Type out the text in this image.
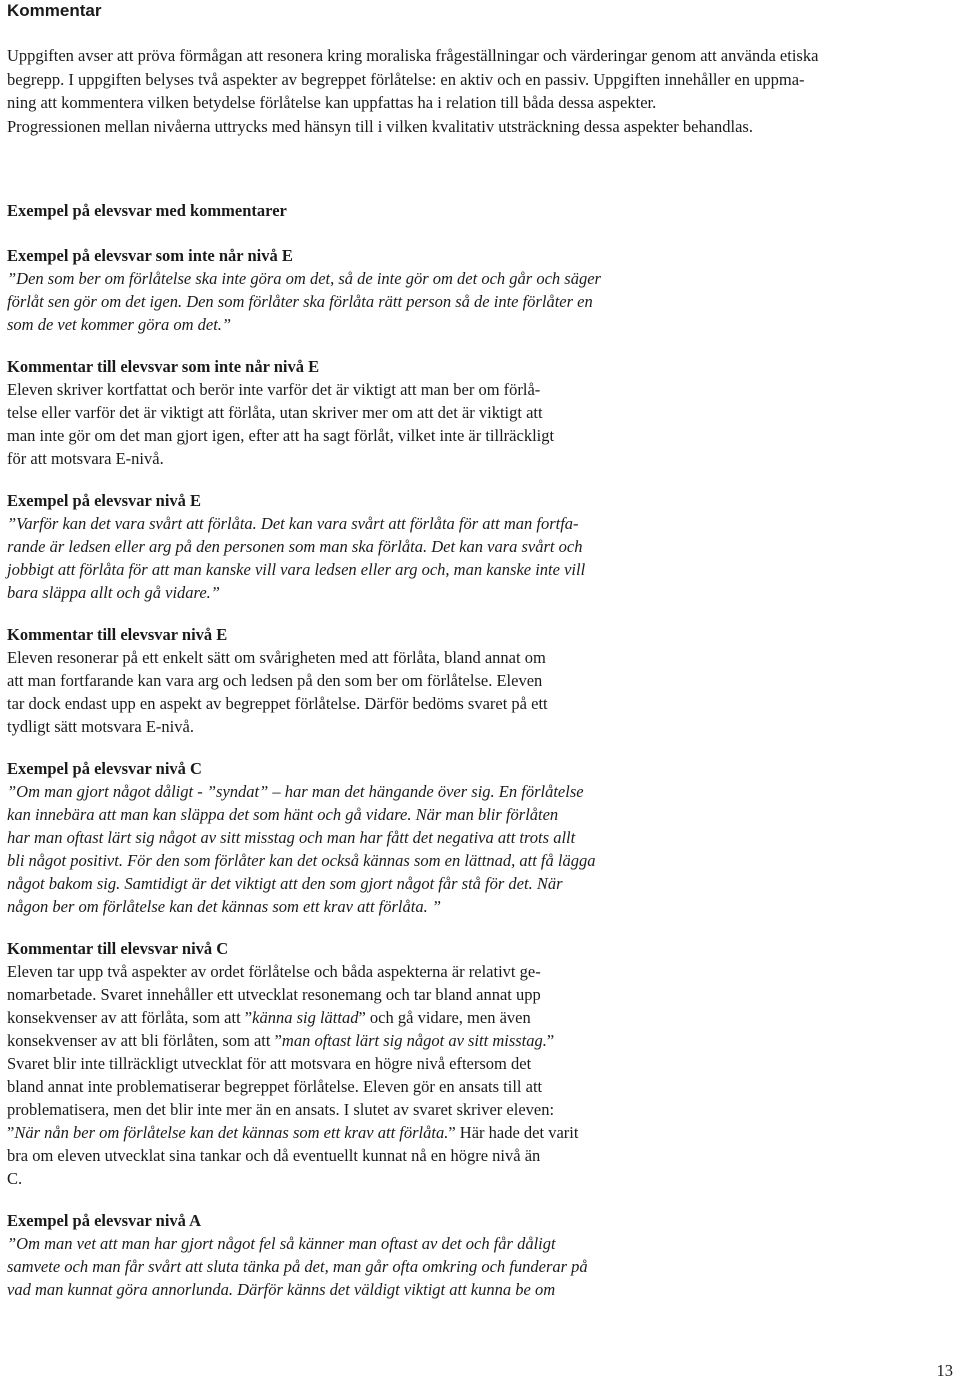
Kommentar
Uppgiften avser att pröva förmågan att resonera kring moraliska frågeställningar och värderingar genom att använda etiska
begrepp. I uppgiften belyses två aspekter av begreppet förlåtelse: en aktiv och en passiv. Uppgiften innehåller en uppma-
ning att kommentera vilken betydelse förlåtelse kan uppfattas ha i relation till båda dessa aspekter.
Progressionen mellan nivåerna uttrycks med hänsyn till i vilken kvalitativ utsträckning dessa aspekter behandlas.
Exempel på elevsvar med kommentarer
Exempel på elevsvar som inte når nivå E
”Den som ber om förlåtelse ska inte göra om det, så de inte gör om det och går och säger
förlåt sen gör om det igen. Den som förlåter ska förlåta rätt person så de inte förlåter en
som de vet kommer göra om det.”
Kommentar till elevsvar som inte når nivå E
Eleven skriver kortfattat och berör inte varför det är viktigt att man ber om förlå-
telse eller varför det är viktigt att förlåta, utan skriver mer om att det är viktigt att
man inte gör om det man gjort igen, efter att ha sagt förlåt, vilket inte är tillräckligt
för att motsvara E-nivå.
Exempel på elevsvar nivå E
”Varför kan det vara svårt att förlåta. Det kan vara svårt att förlåta för att man fortfa-
rande är ledsen eller arg på den personen som man ska förlåta. Det kan vara svårt och
jobbigt att förlåta för att man kanske vill vara ledsen eller arg och, man kanske inte vill
bara släppa allt och gå vidare.”
Kommentar till elevsvar nivå E
Eleven resonerar på ett enkelt sätt om svårigheten med att förlåta, bland annat om
att man fortfarande kan vara arg och ledsen på den som ber om förlåtelse. Eleven
tar dock endast upp en aspekt av begreppet förlåtelse. Därför bedöms svaret på ett
tydligt sätt motsvara E-nivå.
Exempel på elevsvar nivå C
”Om man gjort något dåligt - ”syndat” – har man det hängande över sig. En förlåtelse
kan innebära att man kan släppa det som hänt och gå vidare. När man blir förlåten
har man oftast lärt sig något av sitt misstag och man har fått det negativa att trots allt
bli något positivt. För den som förlåter kan det också kännas som en lättnad, att få lägga
något bakom sig. Samtidigt är det viktigt att den som gjort något får stå för det. När
någon ber om förlåtelse kan det kännas som ett krav att förlåta. ”
Kommentar till elevsvar nivå C
Eleven tar upp två aspekter av ordet förlåtelse och båda aspekterna är relativt ge-
nomarbetade. Svaret innehåller ett utvecklat resonemang och tar bland annat upp
konsekvenser av att förlåta, som att ”känna sig lättad” och gå vidare, men även
konsekvenser av att bli förlåten, som att ”man oftast lärt sig något av sitt misstag.”
Svaret blir inte tillräckligt utvecklat för att motsvara en högre nivå eftersom det
bland annat inte problematiserar begreppet förlåtelse. Eleven gör en ansats till att
problematisera, men det blir inte mer än en ansats. I slutet av svaret skriver eleven:
”När nån ber om förlåtelse kan det kännas som ett krav att förlåta.” Här hade det varit
bra om eleven utvecklat sina tankar och då eventuellt kunnat nå en högre nivå än
C.
Exempel på elevsvar nivå A
”Om man vet att man har gjort något fel så känner man oftast av det och får dåligt
samvete och man får svårt att sluta tänka på det, man går ofta omkring och funderar på
vad man kunnat göra annorlunda. Därför känns det väldigt viktigt att kunna be om
13
